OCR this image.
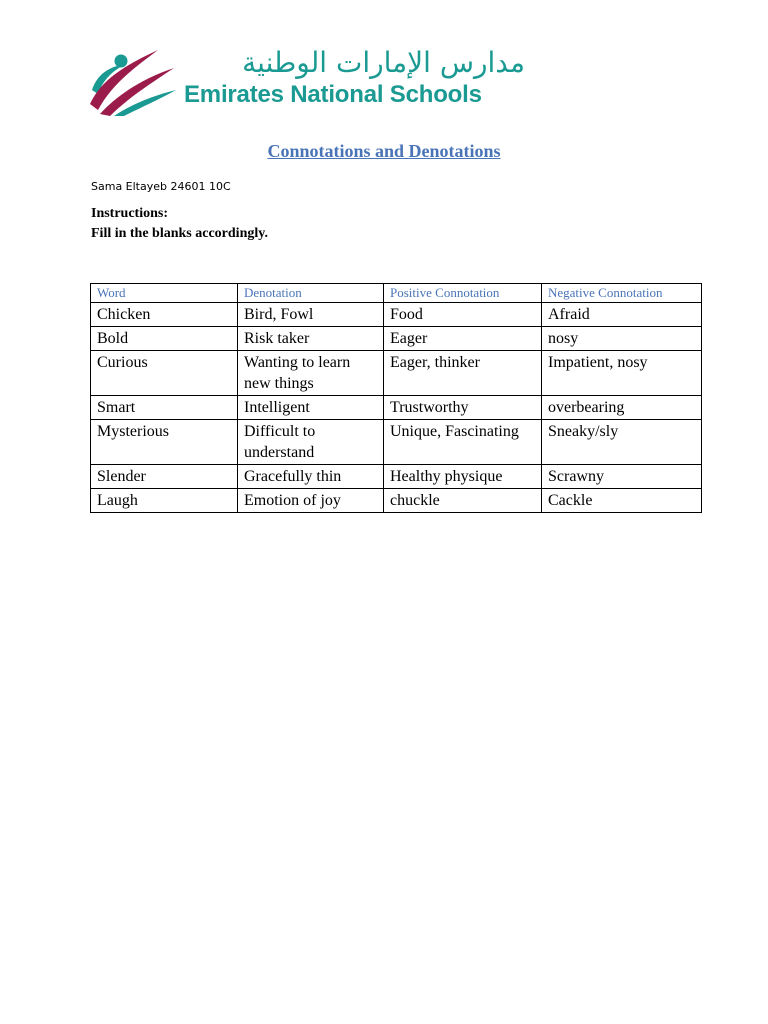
مدارس الإمارات الوطنية
Emirates National Schools
Connotations and Denotations
Sama Eltayeb 24601 10C
Instructions:
Fill in the blanks accordingly.
Word	Denotation	Positive Connotation	Negative Connotation
Chicken	Bird, Fowl	Food	Afraid
Bold	Risk taker	Eager	nosy
Curious	Wanting to learn new things	Eager, thinker	Impatient, nosy
Smart	Intelligent	Trustworthy	overbearing
Mysterious	Difficult to understand	Unique, Fascinating	Sneaky/sly
Slender	Gracefully thin	Healthy physique	Scrawny
Laugh	Emotion of joy	chuckle	Cackle
